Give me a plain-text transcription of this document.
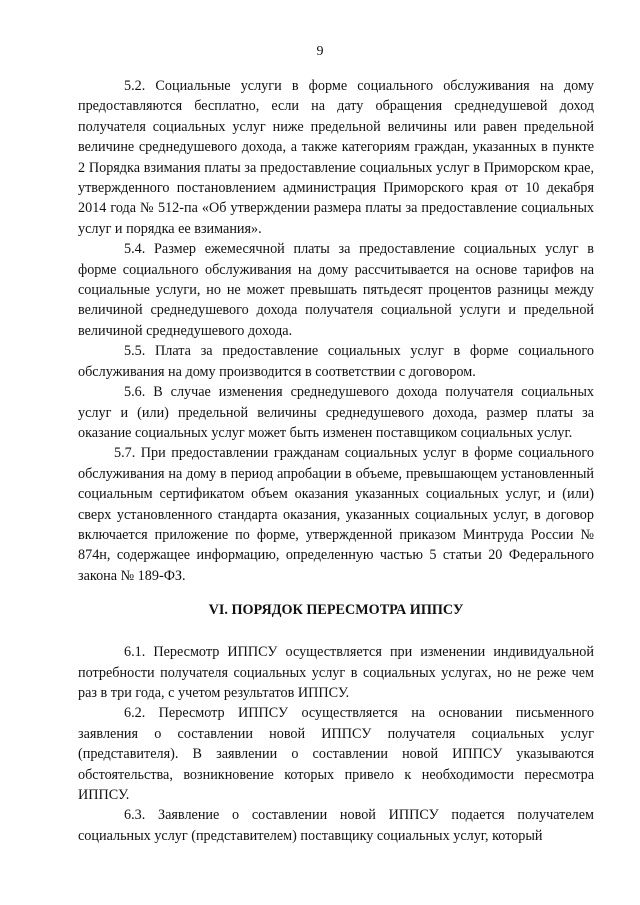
9

5.2. Социальные услуги в форме социального обслуживания на дому предоставляются бесплатно, если на дату обращения среднедушевой доход получателя социальных услуг ниже предельной величины или равен предельной величине среднедушевого дохода, а также категориям граждан, указанных в пункте 2 Порядка взимания платы за предоставление социальных услуг в Приморском крае, утвержденного постановлением администрация Приморского края от 10 декабря 2014 года № 512-па «Об утверждении размера платы за предоставление социальных услуг и порядка ее взимания».

5.4. Размер ежемесячной платы за предоставление социальных услуг в форме социального обслуживания на дому рассчитывается на основе тарифов на социальные услуги, но не может превышать пятьдесят процентов разницы между величиной среднедушевого дохода получателя социальной услуги и предельной величиной среднедушевого дохода.

5.5. Плата за предоставление социальных услуг в форме социального обслуживания на дому производится в соответствии с договором.

5.6. В случае изменения среднедушевого дохода получателя социальных услуг и (или) предельной величины среднедушевого дохода, размер платы за оказание социальных услуг может быть изменен поставщиком социальных услуг.

5.7. При предоставлении гражданам социальных услуг в форме социального обслуживания на дому в период апробации в объеме, превышающем установленный социальным сертификатом объем оказания указанных социальных услуг, и (или) сверх установленного стандарта оказания, указанных социальных услуг, в договор включается приложение по форме, утвержденной приказом Минтруда России № 874н, содержащее информацию, определенную частью 5 статьи 20 Федерального закона № 189-ФЗ.

VI. ПОРЯДОК ПЕРЕСМОТРА ИППСУ

6.1. Пересмотр ИППСУ осуществляется при изменении индивидуальной потребности получателя социальных услуг в социальных услугах, но не реже чем раз в три года, с учетом результатов ИППСУ.

6.2. Пересмотр ИППСУ осуществляется на основании письменного заявления о составлении новой ИППСУ получателя социальных услуг (представителя). В заявлении о составлении новой ИППСУ указываются обстоятельства, возникновение которых привело к необходимости пересмотра ИППСУ.

6.3. Заявление о составлении новой ИППСУ подается получателем социальных услуг (представителем) поставщику социальных услуг, который
